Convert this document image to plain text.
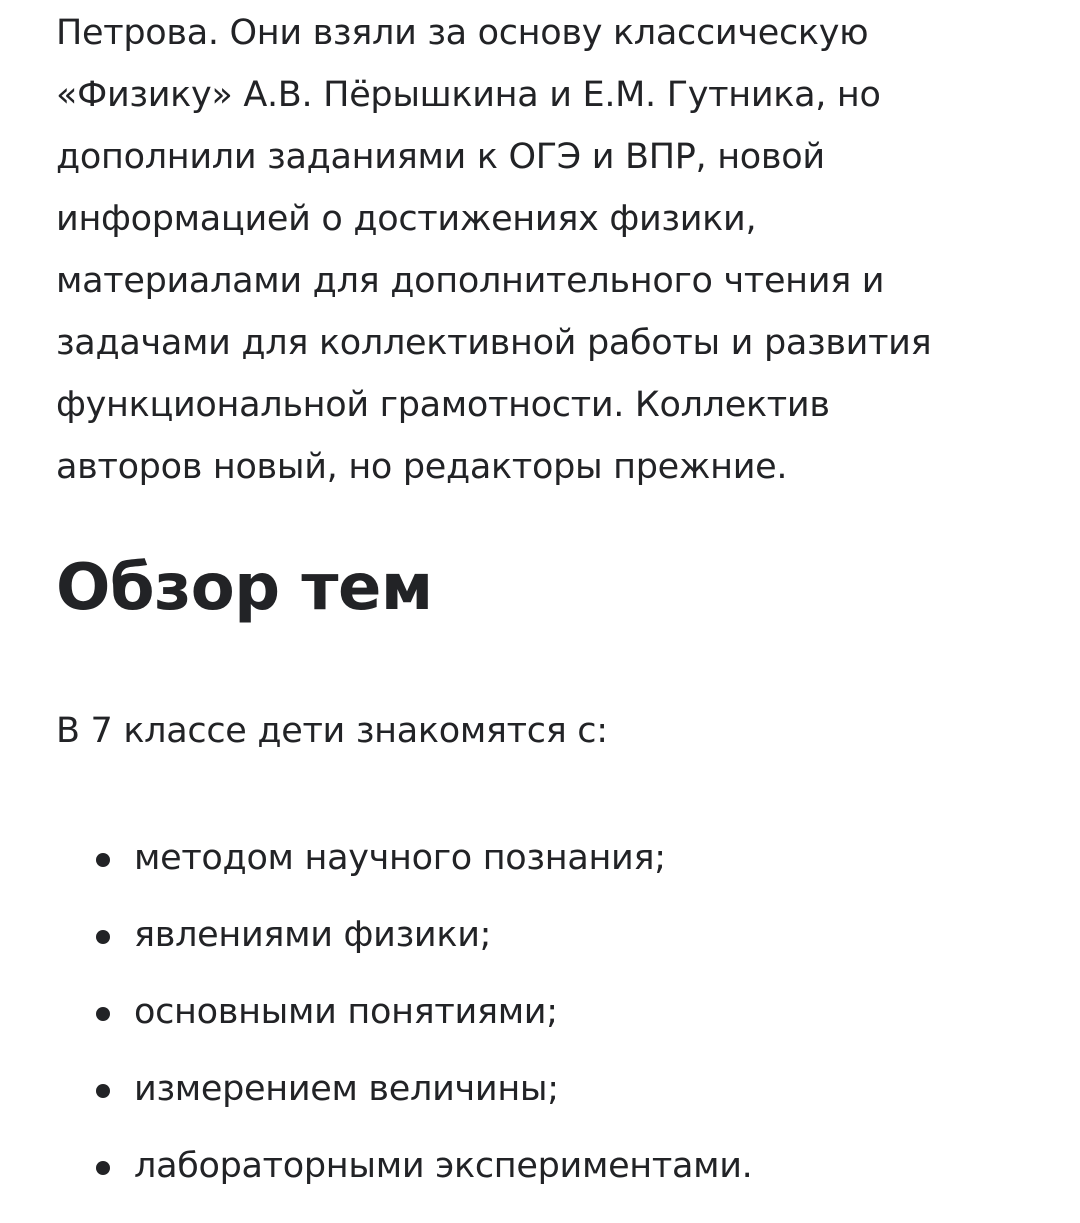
Петрова. Они взяли за основу классическую
«Физику» А.В. Пёрышкина и Е.М. Гутника, но
дополнили заданиями к ОГЭ и ВПР, новой
информацией о достижениях физики,
материалами для дополнительного чтения и
задачами для коллективной работы и развития
функциональной грамотности. Коллектив
авторов новый, но редакторы прежние.
Обзор тем
В 7 классе дети знакомятся с:
методом научного познания;
явлениями физики;
основными понятиями;
измерением величины;
лабораторными экспериментами.
